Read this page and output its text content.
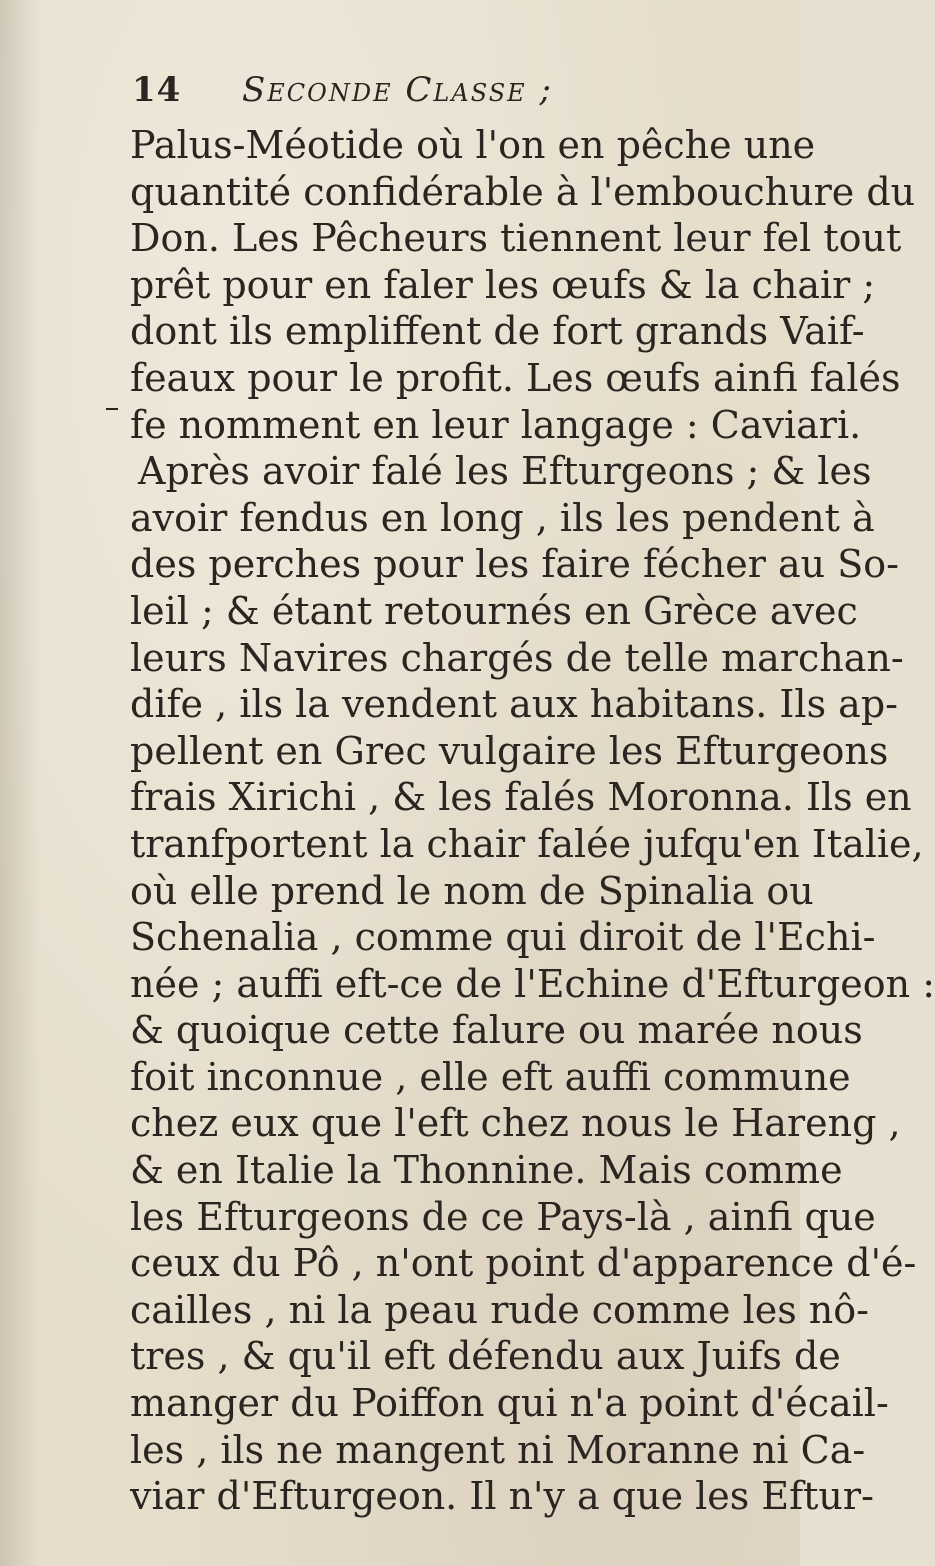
14 Seconde Classe ;
Palus-Méotide où l'on en pêche une
quantité confidérable à l'embouchure du
Don. Les Pêcheurs tiennent leur fel tout
prêt pour en faler les œufs & la chair ;
dont ils empliffent de fort grands Vaif-
feaux pour le profit. Les œufs ainfi falés
fe nomment en leur langage : Caviari.
Après avoir falé les Efturgeons ; & les
avoir fendus en long , ils les pendent à
des perches pour les faire fécher au So-
leil ; & étant retournés en Grèce avec
leurs Navires chargés de telle marchan-
dife , ils la vendent aux habitans. Ils ap-
pellent en Grec vulgaire les Efturgeons
frais Xirichi , & les falés Moronna. Ils en
tranfportent la chair falée jufqu'en Italie,
où elle prend le nom de Spinalia ou
Schenalia , comme qui diroit de l'Echi-
née ; auffi eft-ce de l'Echine d'Efturgeon :
& quoique cette falure ou marée nous
foit inconnue , elle eft auffi commune
chez eux que l'eft chez nous le Hareng ,
& en Italie la Thonnine. Mais comme
les Efturgeons de ce Pays-là , ainfi que
ceux du Pô , n'ont point d'apparence d'é-
cailles , ni la peau rude comme les nô-
tres , & qu'il eft défendu aux Juifs de
manger du Poiffon qui n'a point d'écail-
les , ils ne mangent ni Moranne ni Ca-
viar d'Efturgeon. Il n'y a que les Eftur-
